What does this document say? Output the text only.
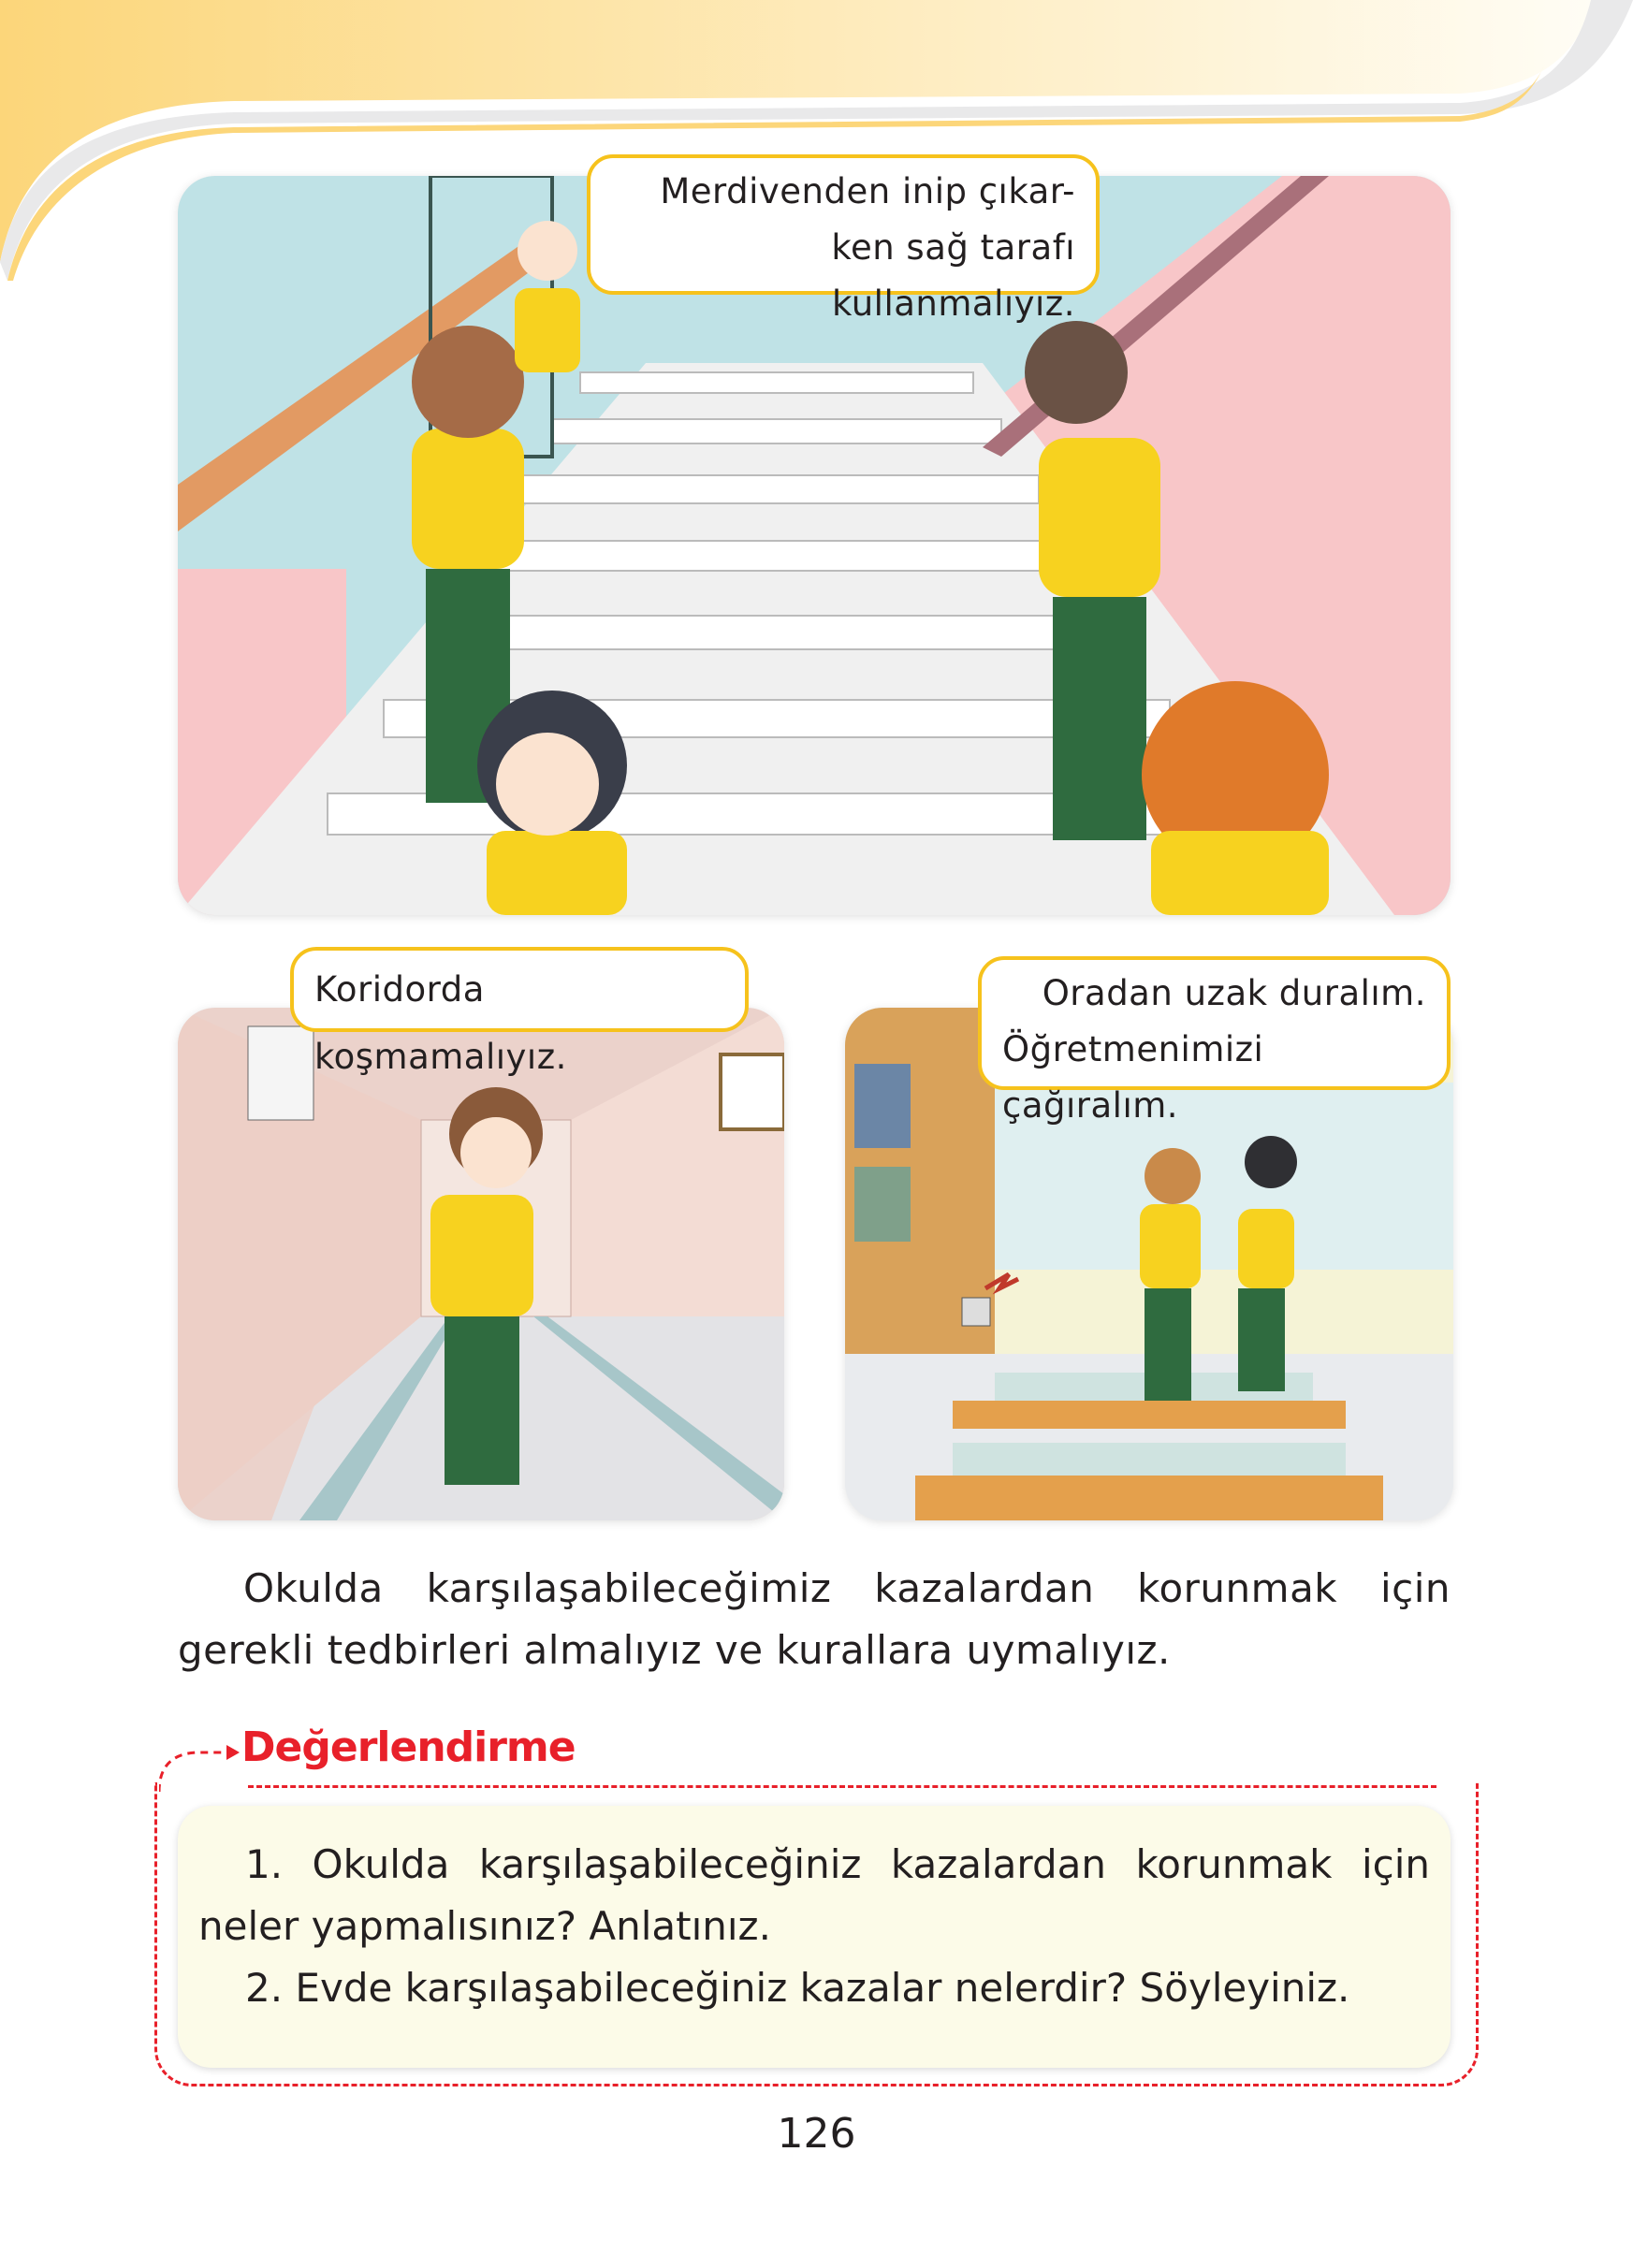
Merdivenden inip çıkar-
ken sağ tarafı kullanmalıyız.
Koridorda koşmamalıyız.
Oradan uzak duralım.
Öğretmenimizi çağıralım.
Okulda karşılaşabileceğimiz kazalardan korunmak için gerekli tedbirleri almalıyız ve kurallara uymalıyız.
Değerlendirme
1. Okulda karşılaşabileceğiniz kazalardan korunmak için neler yapmalısınız? Anlatınız.
2. Evde karşılaşabileceğiniz kazalar nelerdir? Söyleyiniz.
126
